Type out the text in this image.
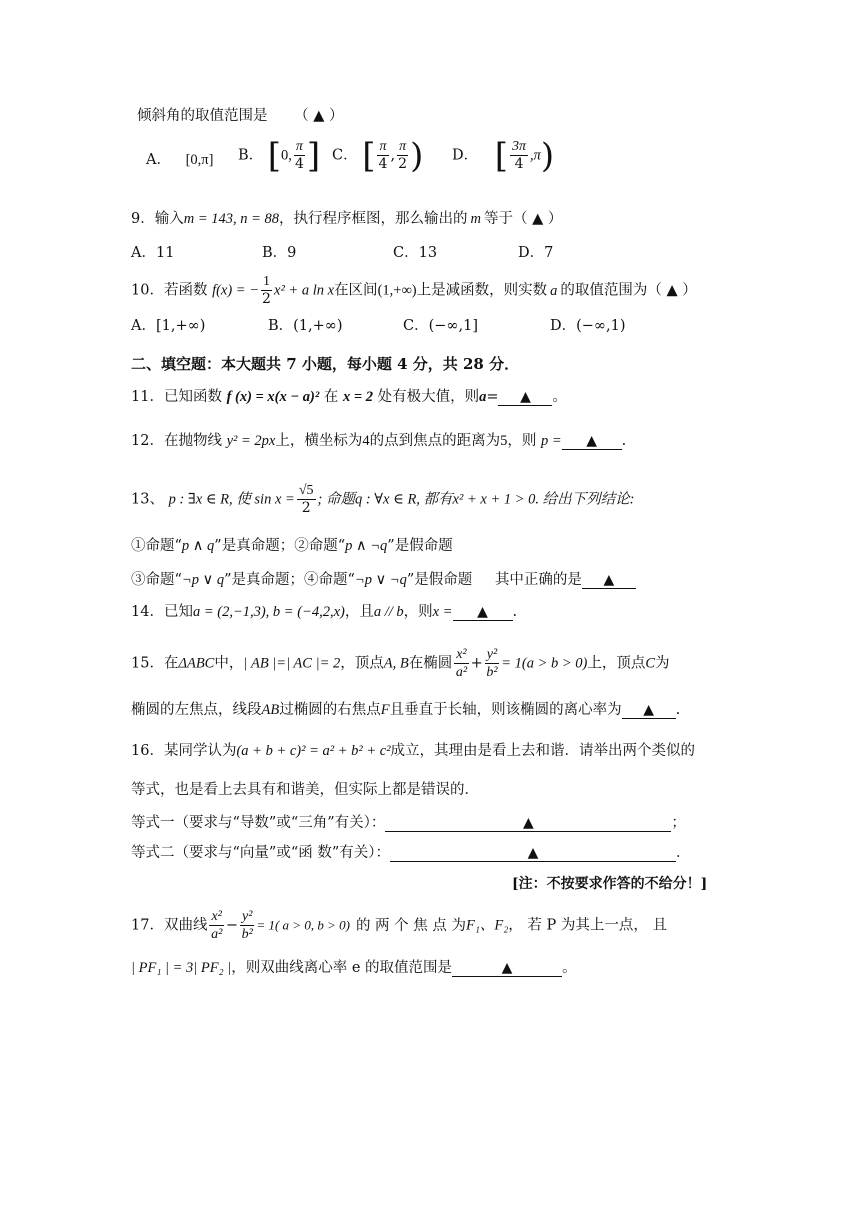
倾斜角的取值范围是 （ ▲ ）
A． [0,π] B． [0, $\frac{\pi}{4}$ ] C． [ $\frac{\pi}{4}$ , $\frac{\pi}{2}$ ) D． [ $\frac{3\pi}{4} ,\pi$)
9．输入m = 143, n = 88，执行程序框图，那么输出的 m 等于（ ▲ ）
A．11	B．9	C．13	D．7
10．若函数 f(x) = − $\frac{1}{2} x^2 + a$ ln x在区间(1,+∞)上是减函数，则实数 a 的取值范围为（ ▲ ）
A．[1,+∞)	B．(1,+∞)	C．(−∞,1]	D．(−∞,1)
二、填空题：本大题共 7 小题，每小题 4 分，共 28 分．
11．已知函数 f (x) = x(x − a)² 在 x = 2 处有极大值，则a= ▲ 。
12．在抛物线 y² = 2px上，横坐标为4的点到焦点的距离为5，则 p = ▲ .
13、 p : ∃x ∈ R, 使 $\sin x = \frac{√5}{2}$ ; 命题q : ∀x ∈ R, 都有x² + x + 1 > 0. 给出下列结论:
①命题“p ∧ q”是真命题；②命题“p ∧ ¬q”是假命题
③命题“¬p ∨ q”是真命题；④命题“¬p ∨ ¬q”是假命题 其中正确的是 ▲
14．已知a = (2,−1,3), b = (−4,2,x)，且a // b，则x = ▲ .
15．在ΔABC中，| AB |=| AC |= 2，顶点A, B在椭圆 $\frac{\text{x²}}{\text{a²}} + \frac{\text{y²}}{\text{b²}} = 1(a > b > 0)$上，顶点C为
椭圆的左焦点，线段AB过椭圆的右焦点F且垂直于长轴，则该椭圆的离心率为 ▲ .
16．某同学认为(a + b + c)² = a² + b² + c²成立，其理由是看上去和谐．请举出两个类似的
等式，也是看上去具有和谐美，但实际上都是错误的．
等式一（要求与“导数”或“三角”有关）：	▲	；
等式二（要求与“向量”或“函 数”有关）：	▲	．
[注：不按要求作答的不给分！]
17．双曲线 $\frac{\text{x²}}{\text{a²}} - \frac{\text{y²}}{\text{b²}} = 1$( a > 0, b > 0) 的 两 个 焦 点 为F₁、F₂， 若 P 为其上一点， 且
| PF₁ | = 3| PF₂ |，则双曲线离心率 e 的取值范围是	▲	。
